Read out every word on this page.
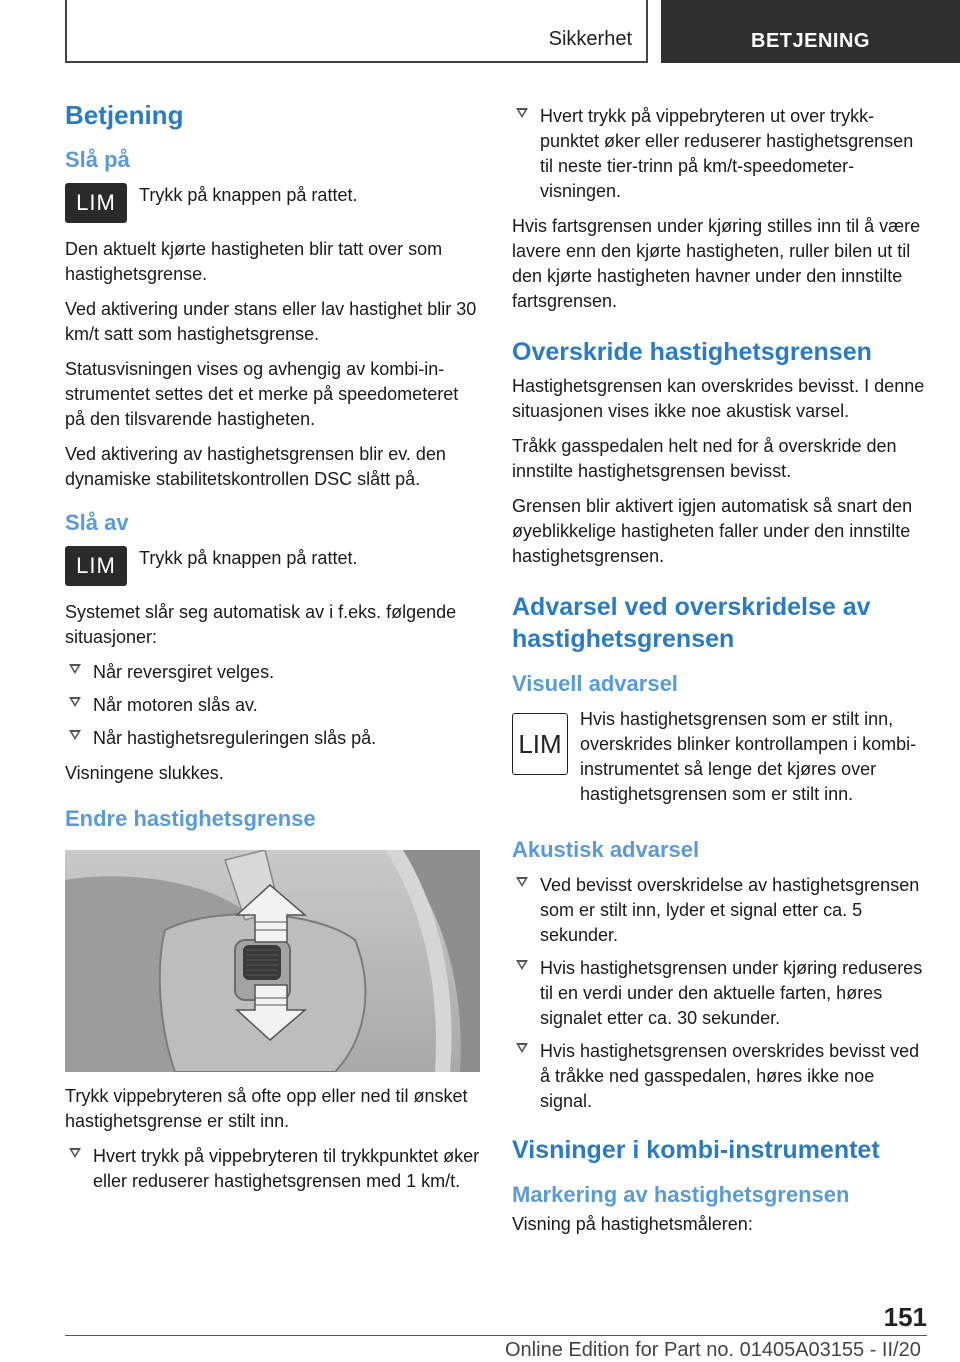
Sikkerhet	BETJENING
Betjening
Slå på
LIM	Trykk på knappen på rattet.

Den aktuelt kjørte hastigheten blir tatt over som hastighetsgrense.

Ved aktivering under stans eller lav hastighet blir 30 km/t satt som hastighetsgrense.

Statusvisningen vises og avhengig av kombi-instrumentet settes det et merke på speedometeret på den tilsvarende hastigheten.

Ved aktivering av hastighetsgrensen blir ev. den dynamiske stabilitetskontrollen DSC slått på.

Slå av
LIM	Trykk på knappen på rattet.

Systemet slår seg automatisk av i f.eks. følgende situasjoner:

Når reversgiret velges.
Når motoren slås av.
Når hastighetsreguleringen slås på.

Visningene slukkes.

Endre hastighetsgrense

Trykk vippebryteren så ofte opp eller ned til ønsket hastighetsgrense er stilt inn.

Hvert trykk på vippebryteren til trykkpunktet øker eller reduserer hastighetsgrensen med 1 km/t.
Hvert trykk på vippebryteren ut over trykkpunktet øker eller reduserer hastighetsgrensen til neste tier-trinn på km/t-speedometervisningen.

Hvis fartsgrensen under kjøring stilles inn til å være lavere enn den kjørte hastigheten, ruller bilen ut til den kjørte hastigheten havner under den innstilte fartsgrensen.

Overskride hastighetsgrensen

Hastighetsgrensen kan overskrides bevisst. I denne situasjonen vises ikke noe akustisk varsel.

Tråkk gasspedalen helt ned for å overskride den innstilte hastighetsgrensen bevisst.

Grensen blir aktivert igjen automatisk så snart den øyeblikkelige hastigheten faller under den innstilte hastighetsgrensen.

Advarsel ved overskridelse av hastighetsgrensen
Visuell advarsel
LIM

Hvis hastighetsgrensen som er stilt inn, overskrides blinker kontrollampen i kombi-instrumentet så lenge det kjøres over hastighetsgrensen som er stilt inn.

Akustisk advarsel
Ved bevisst overskridelse av hastighetsgrensen som er stilt inn, lyder et signal etter ca. 5 sekunder.
Hvis hastighetsgrensen under kjøring reduseres til en verdi under den aktuelle farten, høres signalet etter ca. 30 sekunder.
Hvis hastighetsgrensen overskrides bevisst ved å tråkke ned gasspedalen, høres ikke noe signal.
Visninger i kombi-instrumentet
Markering av hastighetsgrensen

Visning på hastighetsmåleren:

151
Online Edition for Part no. 01405A03155 - II/20
